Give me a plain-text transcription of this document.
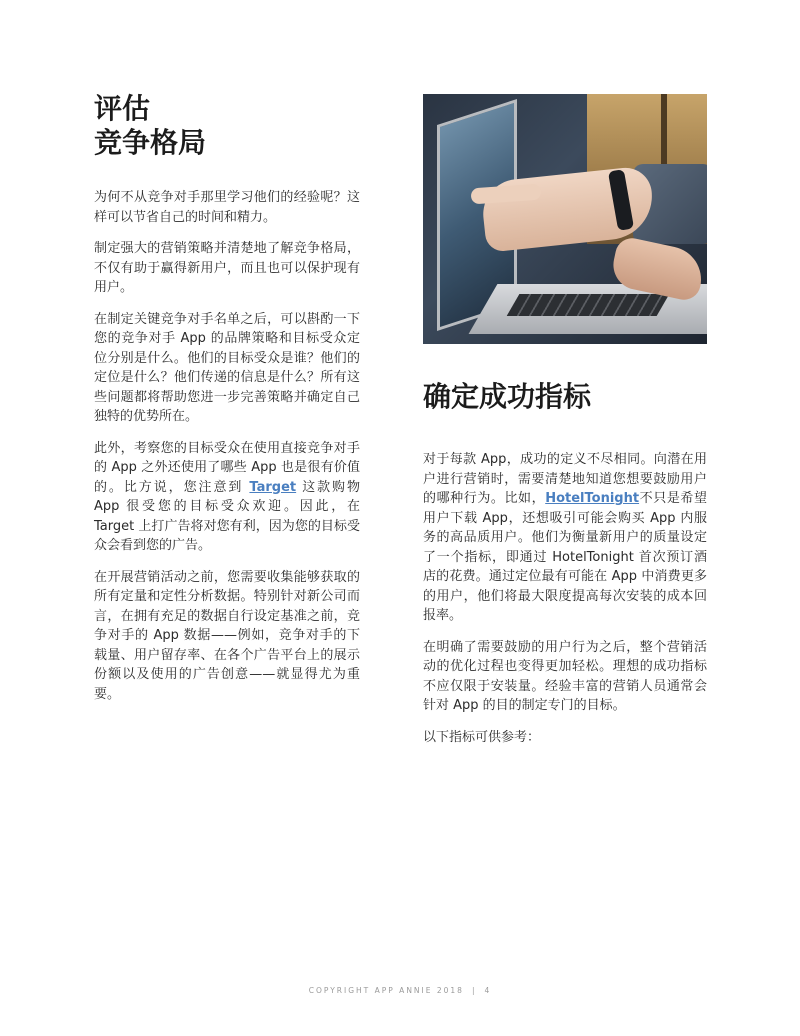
评估
竞争格局

为何不从竞争对手那里学习他们的经验呢？这样可以节省自己的时间和精力。

制定强大的营销策略并清楚地了解竞争格局，不仅有助于赢得新用户，而且也可以保护现有用户。

在制定关键竞争对手名单之后，可以斟酌一下您的竞争对手 App 的品牌策略和目标受众定位分别是什么。他们的目标受众是谁？他们的定位是什么？他们传递的信息是什么？所有这些问题都将帮助您进一步完善策略并确定自己独特的优势所在。

此外，考察您的目标受众在使用直接竞争对手的 App 之外还使用了哪些 App 也是很有价值的。比方说，您注意到 Target 这款购物 App 很受您的目标受众欢迎。因此，在 Target 上打广告将对您有利，因为您的目标受众会看到您的广告。

在开展营销活动之前，您需要收集能够获取的所有定量和定性分析数据。特别针对新公司而言，在拥有充足的数据自行设定基准之前，竞争对手的 App 数据——例如，竞争对手的下载量、用户留存率、在各个广告平台上的展示份额以及使用的广告创意——就显得尤为重要。

确定成功指标

对于每款 App，成功的定义不尽相同。向潜在用户进行营销时，需要清楚地知道您想要鼓励用户的哪种行为。比如，HotelTonight不只是希望用户下载 App，还想吸引可能会购买 App 内服务的高品质用户。他们为衡量新用户的质量设定了一个指标，即通过 HotelTonight 首次预订酒店的花费。通过定位最有可能在 App 中消费更多的用户，他们将最大限度提高每次安装的成本回报率。

在明确了需要鼓励的用户行为之后，整个营销活动的优化过程也变得更加轻松。理想的成功指标不应仅限于安装量。经验丰富的营销人员通常会针对 App 的目的制定专门的目标。

以下指标可供参考：

COPYRIGHT APP ANNIE 2018 | 4
